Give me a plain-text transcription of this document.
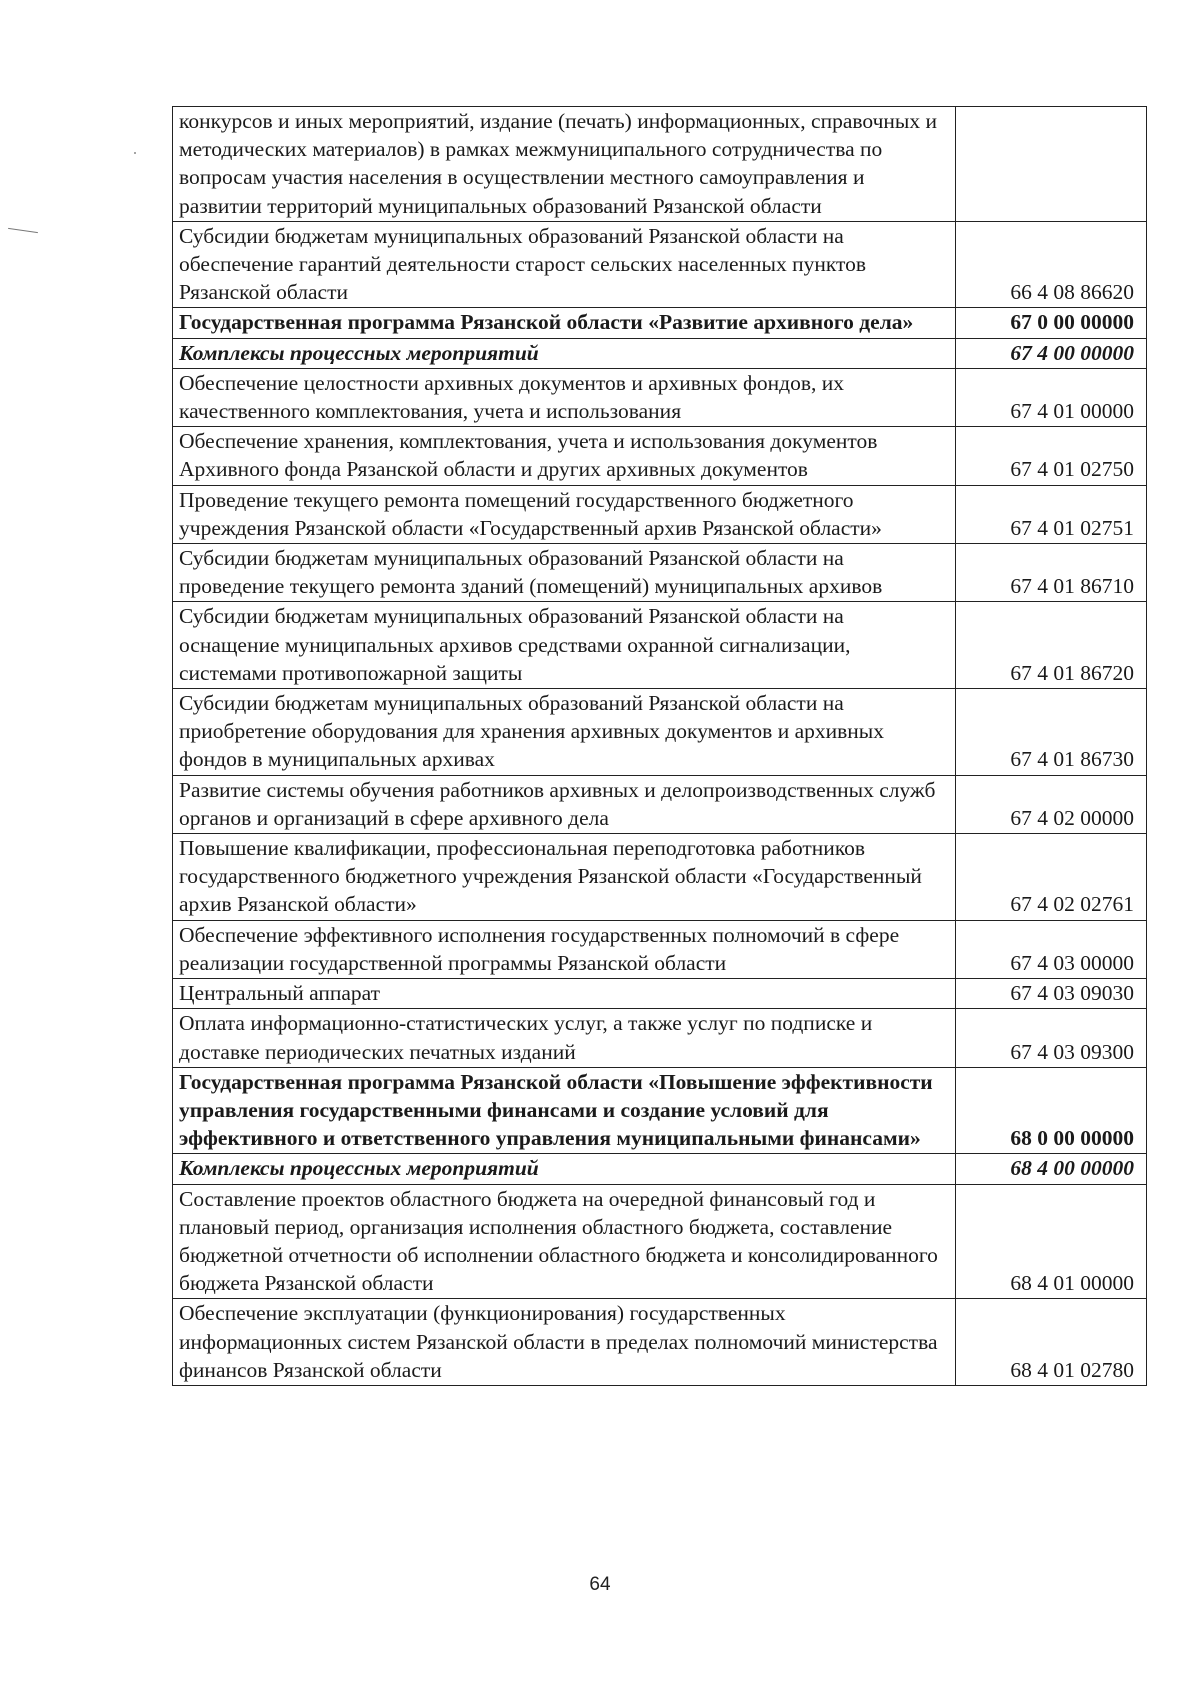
конкурсов и иных мероприятий, издание (печать) информационных, справочных и методических материалов) в рамках межмуниципального сотрудничества по вопросам участия населения в осуществлении местного самоуправления и развитии территорий муниципальных образований Рязанской области	
Субсидии бюджетам муниципальных образований Рязанской области на обеспечение гарантий деятельности старост сельских населенных пунктов Рязанской области	66 4 08 86620
Государственная программа Рязанской области «Развитие архивного дела»	67 0 00 00000
Комплексы процессных мероприятий	67 4 00 00000
Обеспечение целостности архивных документов и архивных фондов, их качественного комплектования, учета и использования	67 4 01 00000
Обеспечение хранения, комплектования, учета и использования документов Архивного фонда Рязанской области и других архивных документов	67 4 01 02750
Проведение текущего ремонта помещений государственного бюджетного учреждения Рязанской области «Государственный архив Рязанской области»	67 4 01 02751
Субсидии бюджетам муниципальных образований Рязанской области на проведение текущего ремонта зданий (помещений) муниципальных архивов	67 4 01 86710
Субсидии бюджетам муниципальных образований Рязанской области на оснащение муниципальных архивов средствами охранной сигнализации, системами противопожарной защиты	67 4 01 86720
Субсидии бюджетам муниципальных образований Рязанской области на приобретение оборудования для хранения архивных документов и архивных фондов в муниципальных архивах	67 4 01 86730
Развитие системы обучения работников архивных и делопроизводственных служб органов и организаций в сфере архивного дела	67 4 02 00000
Повышение квалификации, профессиональная переподготовка работников государственного бюджетного учреждения Рязанской области «Государственный архив Рязанской области»	67 4 02 02761
Обеспечение эффективного исполнения государственных полномочий в сфере реализации государственной программы Рязанской области	67 4 03 00000
Центральный аппарат	67 4 03 09030
Оплата информационно-статистических услуг, а также услуг по подписке и доставке периодических печатных изданий	67 4 03 09300
Государственная программа Рязанской области «Повышение эффективности управления государственными финансами и создание условий для эффективного и ответственного управления муниципальными финансами»	68 0 00 00000
Комплексы процессных мероприятий	68 4 00 00000
Составление проектов областного бюджета на очередной финансовый год и плановый период, организация исполнения областного бюджета, составление бюджетной отчетности об исполнении областного бюджета и консолидированного бюджета Рязанской области	68 4 01 00000
Обеспечение эксплуатации (функционирования) государственных информационных систем Рязанской области в пределах полномочий министерства финансов Рязанской области	68 4 01 02780
64
